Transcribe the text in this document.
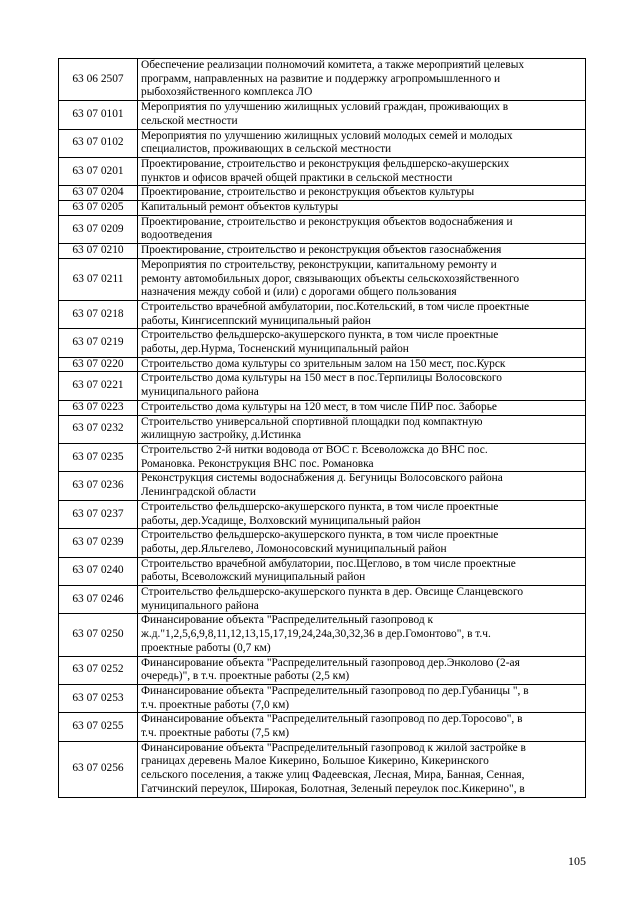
63 06 2507	Обеспечение реализации полномочий комитета, а также мероприятий целевых
программ, направленных на развитие и поддержку агропромышленного и
рыбохозяйственного комплекса ЛО

63 07 0101	Мероприятия по улучшению жилищных условий граждан, проживающих в
сельской местности

63 07 0102	Мероприятия по улучшению жилищных условий молодых семей и молодых
специалистов, проживающих в сельской местности

63 07 0201	Проектирование, строительство и реконструкция фельдшерско-акушерских
пунктов и офисов врачей общей практики в сельской местности

63 07 0204	Проектирование, строительство и реконструкция объектов культуры

63 07 0205	Капитальный ремонт объектов культуры

63 07 0209	Проектирование, строительство и реконструкция объектов водоснабжения и
водоотведения

63 07 0210	Проектирование, строительство и реконструкция объектов газоснабжения

63 07 0211	Мероприятия по строительству, реконструкции, капитальному ремонту и
ремонту автомобильных дорог, связывающих объекты сельскохозяйственного
назначения между собой и (или) с дорогами общего пользования

63 07 0218	Строительство врачебной амбулатории, пос.Котельский, в том числе проектные
работы, Кингисеппский муниципальный район

63 07 0219	Строительство фельдшерско-акушерского пункта, в том числе проектные
работы, дер.Нурма, Тосненский муниципальный район

63 07 0220	Строительство дома культуры со зрительным залом на 150 мест, пос.Курск

63 07 0221	Строительство дома культуры на 150 мест в пос.Терпилицы Волосовского
муниципального района

63 07 0223	Строительство дома культуры на 120 мест, в том числе ПИР пос. Заборье

63 07 0232	Строительство универсальной спортивной площадки под компактную
жилищную застройку, д.Истинка

63 07 0235	Строительство 2-й нитки водовода от ВОС г. Всеволожска до ВНС пос.
Романовка. Реконструкция ВНС пос. Романовка

63 07 0236	Реконструкция системы водоснабжения д. Бегуницы Волосовского района
Ленинградской области

63 07 0237	Строительство фельдшерско-акушерского пункта, в том числе проектные
работы, дер.Усадище, Волховский муниципальный район

63 07 0239	Строительство фельдшерско-акушерского пункта, в том числе проектные
работы, дер.Яльгелево, Ломоносовский муниципальный район

63 07 0240	Строительство врачебной амбулатории, пос.Щеглово, в том числе проектные
работы, Всеволожский муниципальный район

63 07 0246	Строительство фельдшерско-акушерского пункта в дер. Овсище Сланцевского
муниципального района

63 07 0250	Финансирование объекта "Распределительный газопровод к
ж.д."1,2,5,6,9,8,11,12,13,15,17,19,24,24а,30,32,36 в дер.Гомонтово", в т.ч.
проектные работы (0,7 км)

63 07 0252	Финансирование объекта "Распределительный газопровод дер.Энколово (2-ая
очередь)", в т.ч. проектные работы (2,5 км)

63 07 0253	Финансирование объекта "Распределительный газопровод по дер.Губаницы ", в
т.ч. проектные работы (7,0 км)

63 07 0255	Финансирование объекта "Распределительный газопровод по дер.Торосово", в
т.ч. проектные работы (7,5 км)

63 07 0256	Финансирование объекта "Распределительный газопровод к жилой застройке в
границах деревень Малое Кикерино, Большое Кикерино, Кикеринского
сельского поселения, а также улиц Фадеевская, Лесная, Мира, Банная, Сенная,
Гатчинский переулок, Широкая, Болотная, Зеленый переулок пос.Кикерино", в
105
